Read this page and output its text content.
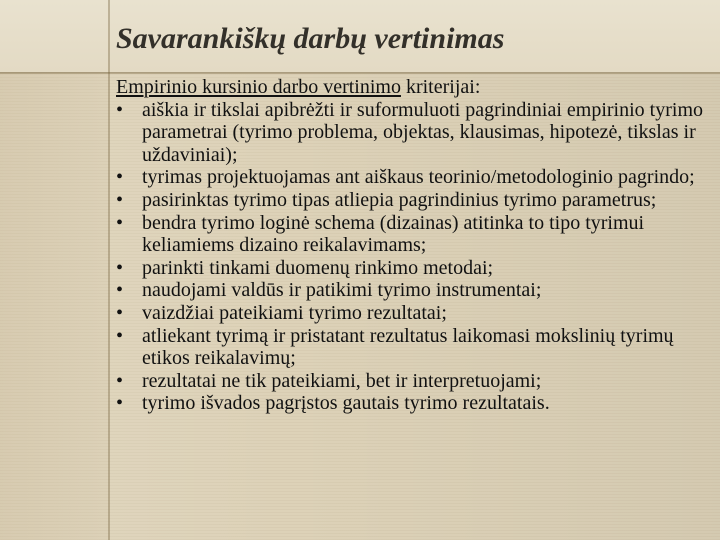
Savarankiškų darbų vertinimas

Empirinio kursinio darbo vertinimo kriterijai:

• aiškia ir tikslai apibrėžti ir suformuluoti pagrindiniai empirinio tyrimo parametrai (tyrimo problema, objektas, klausimas, hipotezė, tikslas ir uždaviniai);
• tyrimas projektuojamas ant aiškaus teorinio/metodologinio pagrindo;
• pasirinktas tyrimo tipas atliepia pagrindinius tyrimo parametrus;
• bendra tyrimo loginė schema (dizainas) atitinka to tipo tyrimui keliamiems dizaino reikalavimams;
• parinkti tinkami duomenų rinkimo metodai;
• naudojami valdūs ir patikimi tyrimo instrumentai;
• vaizdžiai pateikiami tyrimo rezultatai;
• atliekant tyrimą ir pristatant rezultatus laikomasi mokslinių tyrimų etikos reikalavimų;
• rezultatai ne tik pateikiami, bet ir interpretuojami;
• tyrimo išvados pagrįstos gautais tyrimo rezultatais.
